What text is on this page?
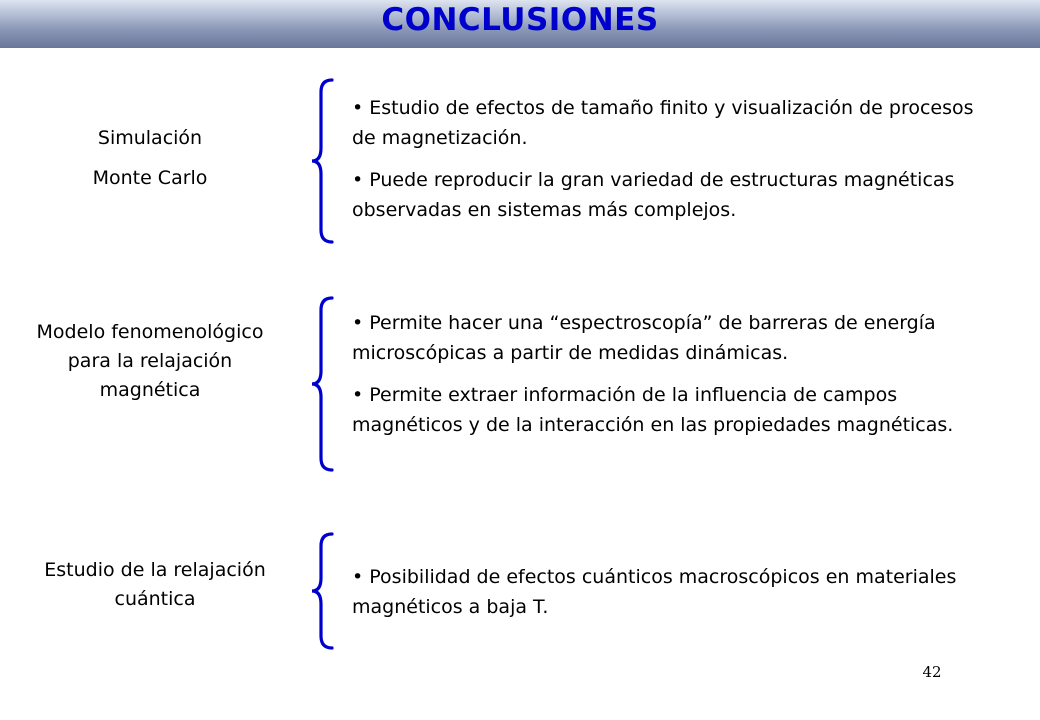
CONCLUSIONES
Simulación
Monte Carlo

• Estudio de efectos de tamaño finito y visualización de procesos de magnetización.

• Puede reproducir la gran variedad de estructuras magnéticas observadas en sistemas más complejos.

Modelo fenomenológico
para la relajación
magnética

• Permite hacer una “espectroscopía” de barreras de energía microscópicas a partir de medidas dinámicas.

• Permite extraer información de la influencia de campos magnéticos y de la interacción en las propiedades magnéticas.

Estudio de la relajación
cuántica

• Posibilidad de efectos cuánticos macroscópicos en materiales magnéticos a baja T.

42
